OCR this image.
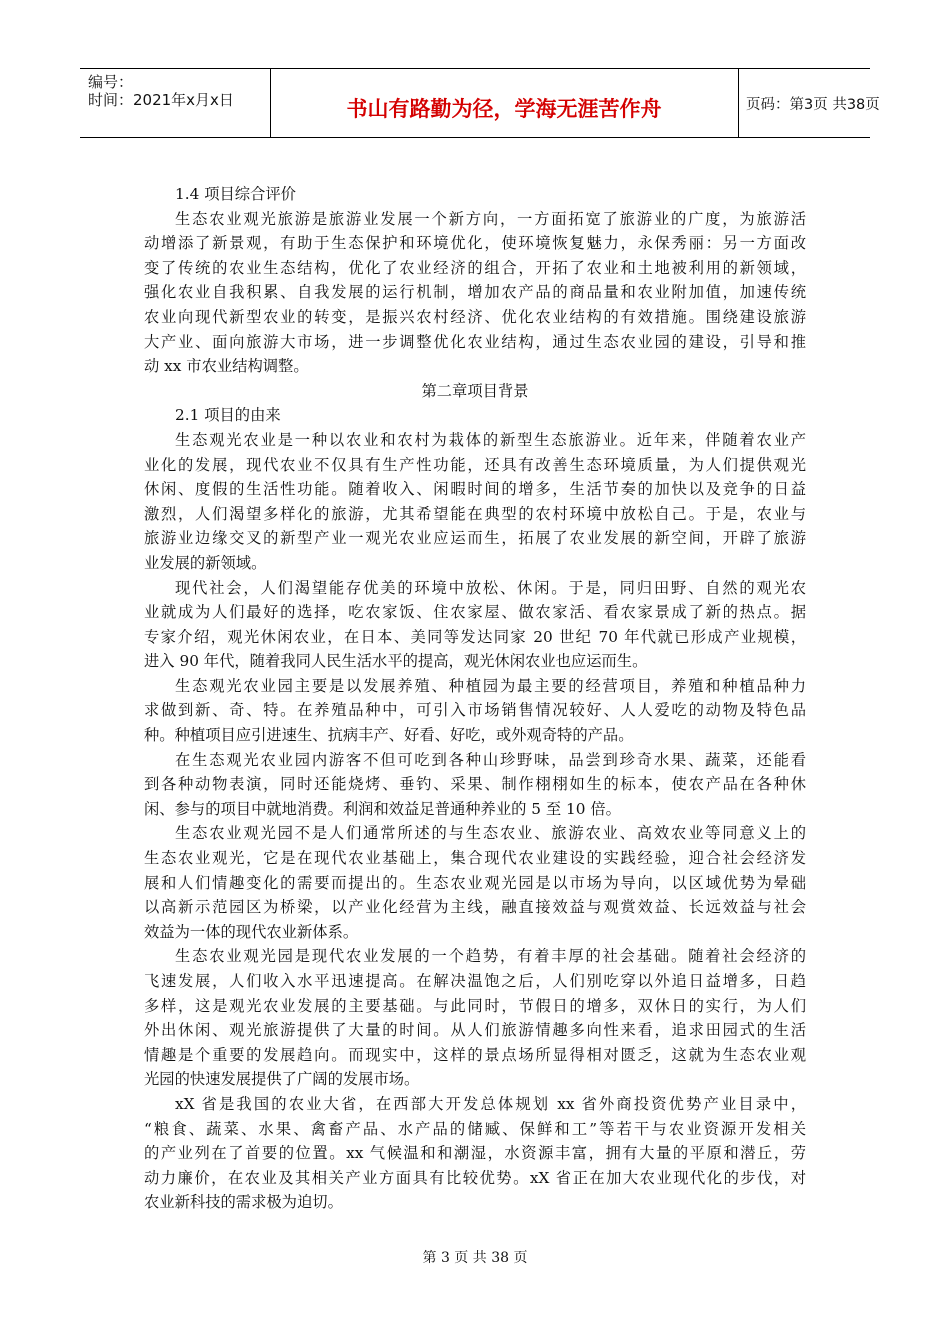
编号：
时间：2021年x月x日	书山有路勤为径，学海无涯苦作舟	页码：第3页 共38页
1.4 项目综合评价
生态农业观光旅游是旅游业发展一个新方向，一方面拓宽了旅游业的广度，为旅游活
动增添了新景观，有助于生态保护和环境优化，使环境恢复魅力，永保秀丽：另一方面改
变了传统的农业生态结构，优化了农业经济的组合，开拓了农业和土地被利用的新领域，
强化农业自我积累、自我发展的运行机制，增加农产品的商品量和农业附加值，加速传统
农业向现代新型农业的转变，是振兴农村经济、优化农业结构的有效措施。围绕建设旅游
大产业、面向旅游大市场，进一步调整优化农业结构，通过生态农业园的建设，引导和推
动 xx 市农业结构调整。
第二章项目背景
2.1 项目的由来
生态观光农业是一种以农业和农村为栽体的新型生态旅游业。近年来，伴随着农业产
业化的发展，现代农业不仅具有生产性功能，还具有改善生态环境质量，为人们提供观光
休闲、度假的生活性功能。随着收入、闲暇时间的增多，生活节奏的加快以及竞争的日益
激烈，人们渴望多样化的旅游，尤其希望能在典型的农村环境中放松自己。于是，农业与
旅游业边缘交叉的新型产业一观光农业应运而生，拓展了农业发展的新空间，开辟了旅游
业发展的新领域。
现代社会，人们渴望能存优美的环境中放松、休闲。于是，同归田野、自然的观光农
业就成为人们最好的选择，吃农家饭、住农家屋、做农家活、看农家景成了新的热点。据
专家介绍，观光休闲农业，在日本、美同等发达同家 20 世纪 70 年代就已形成产业规模，
进入 90 年代，随着我同人民生活水平的提高，观光休闲农业也应运而生。
生态观光农业园主要是以发展养殖、种植园为最主要的经营项目，养殖和种植品种力
求做到新、奇、特。在养殖品种中，可引入市场销售情况较好、人人爱吃的动物及特色品
种。种植项目应引进速生、抗病丰产、好看、好吃，或外观奇特的产品。
在生态观光农业园内游客不但可吃到各种山珍野味，品尝到珍奇水果、蔬菜，还能看
到各种动物表演，同时还能烧烤、垂钓、采果、制作栩栩如生的标本，使农产品在各种休
闲、参与的项目中就地消费。利润和效益足普通种养业的 5 至 10 倍。
生态农业观光园不是人们通常所述的与生态农业、旅游农业、高效农业等同意义上的
生态农业观光，它是在现代农业基础上，集合现代农业建设的实践经验，迎合社会经济发
展和人们情趣变化的需要而提出的。生态农业观光园是以市场为导向，以区域优势为晕础
以高新示范园区为桥梁，以产业化经营为主线，融直接效益与观赏效益、长远效益与社会
效益为一体的现代农业新体系。
生态农业观光园是现代农业发展的一个趋势，有着丰厚的社会基础。随着社会经济的
飞速发展，人们收入水平迅速提高。在解决温饱之后，人们别吃穿以外追日益增多，日趋
多样，这是观光农业发展的主要基础。与此同时，节假日的增多，双休日的实行，为人们
外出休闲、观光旅游提供了大量的时间。从人们旅游情趣多向性来看，追求田园式的生活
情趣是个重要的发展趋向。而现实中，这样的景点场所显得相对匮乏，这就为生态农业观
光园的快速发展提供了广阔的发展市场。
xX 省是我国的农业大省，在西部大开发总体规划 xx 省外商投资优势产业目录中，
“粮食、蔬菜、水果、禽畜产品、水产品的储臧、保鲜和工”等若干与农业资源开发相关
的产业列在了首要的位置。xx 气候温和和潮湿，水资源丰富，拥有大量的平原和潜丘，劳
动力廉价，在农业及其相关产业方面具有比较优势。xX 省正在加大农业现代化的步伐，对
农业新科技的需求极为迫切。
第 3 页 共 38 页
